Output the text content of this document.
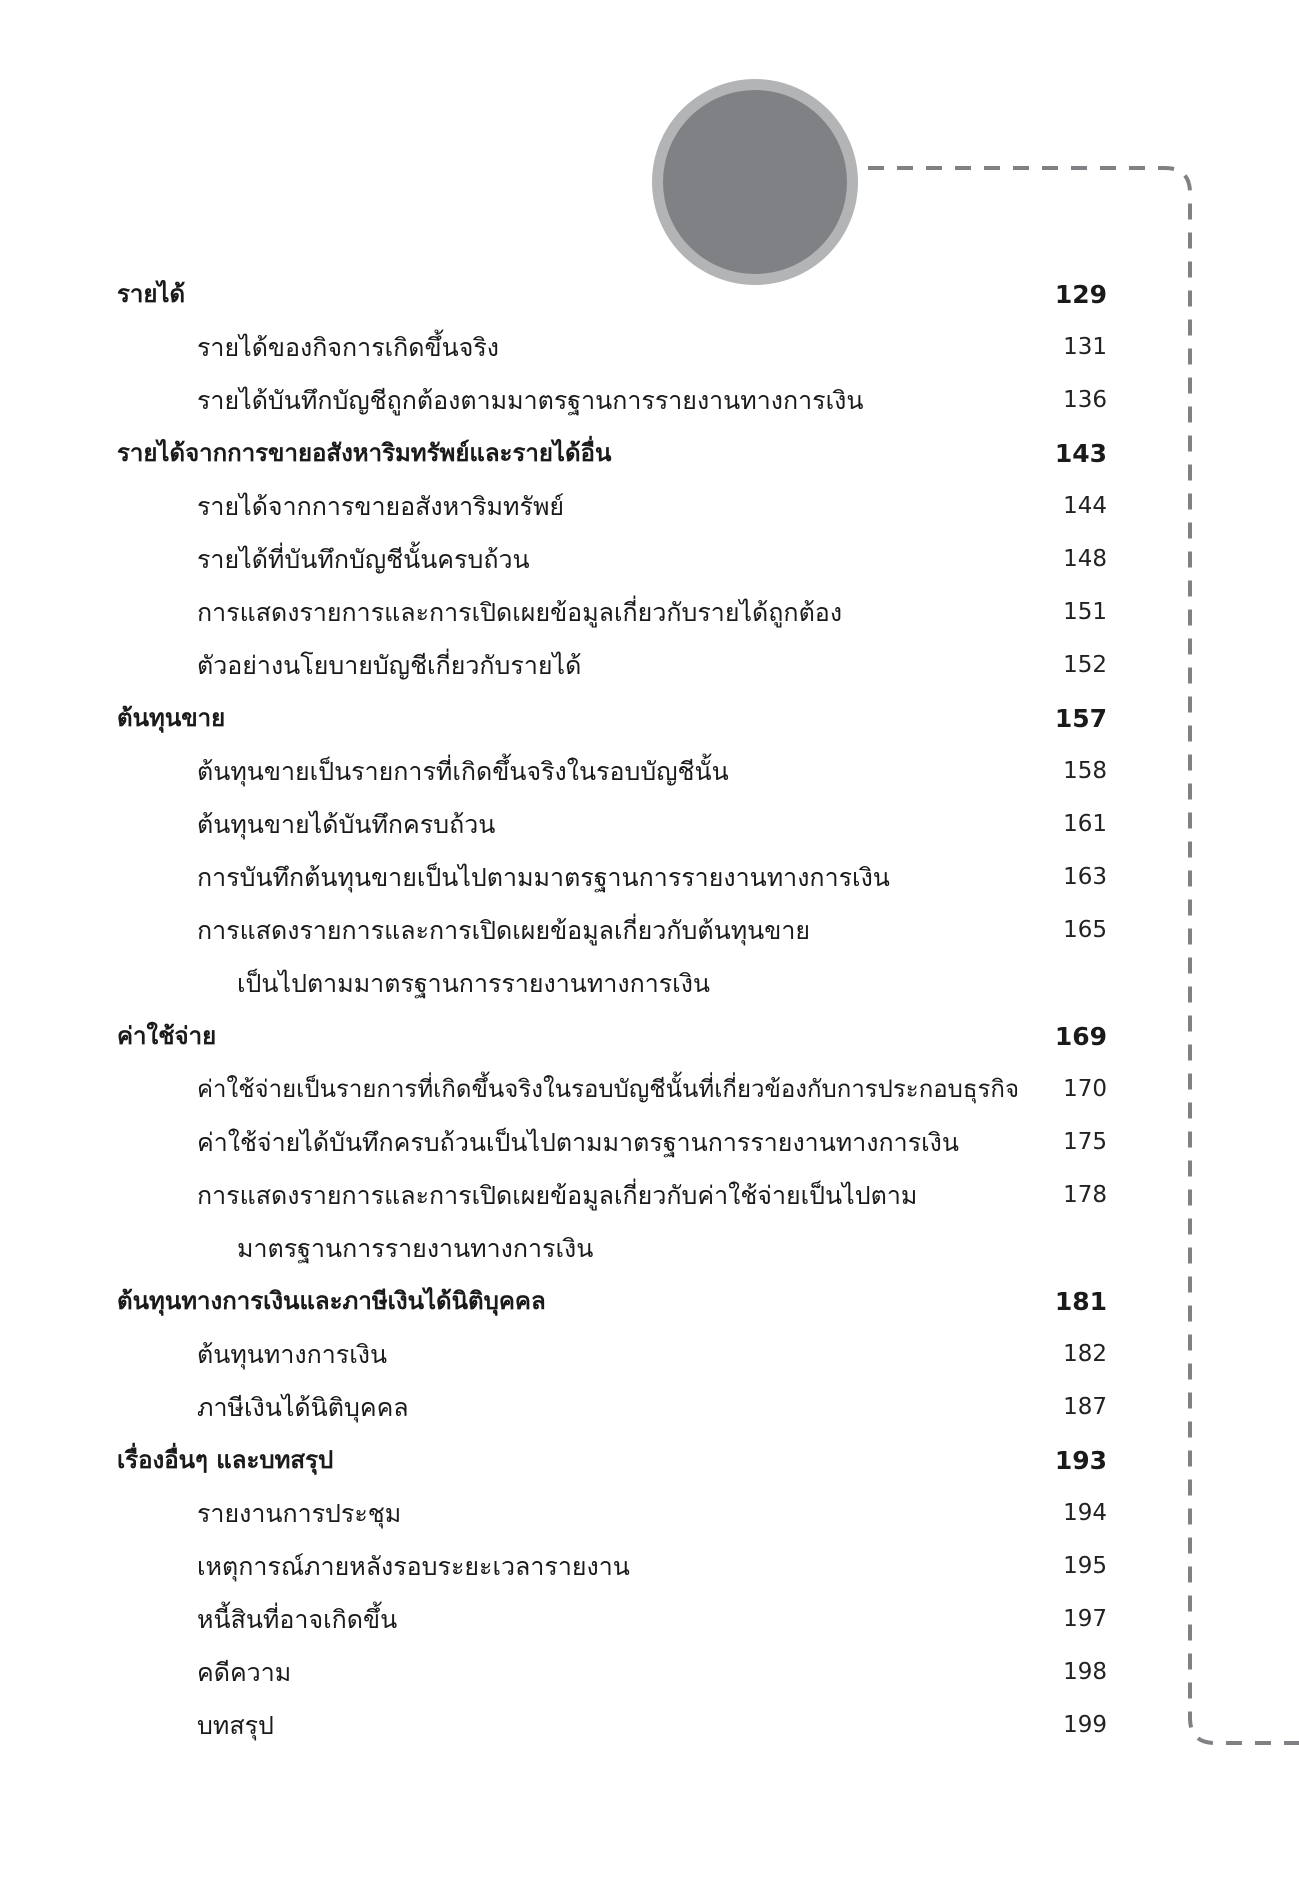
รายได้	129
รายได้ของกิจการเกิดขึ้นจริง	131
รายได้บันทึกบัญชีถูกต้องตามมาตรฐานการรายงานทางการเงิน	136
รายได้จากการขายอสังหาริมทรัพย์และรายได้อื่น	143
รายได้จากการขายอสังหาริมทรัพย์	144
รายได้ที่บันทึกบัญชีนั้นครบถ้วน	148
การแสดงรายการและการเปิดเผยข้อมูลเกี่ยวกับรายได้ถูกต้อง	151
ตัวอย่างนโยบายบัญชีเกี่ยวกับรายได้	152
ต้นทุนขาย	157
ต้นทุนขายเป็นรายการที่เกิดขึ้นจริงในรอบบัญชีนั้น	158
ต้นทุนขายได้บันทึกครบถ้วน	161
การบันทึกต้นทุนขายเป็นไปตามมาตรฐานการรายงานทางการเงิน	163
การแสดงรายการและการเปิดเผยข้อมูลเกี่ยวกับต้นทุนขาย	165
เป็นไปตามมาตรฐานการรายงานทางการเงิน
ค่าใช้จ่าย	169
ค่าใช้จ่ายเป็นรายการที่เกิดขึ้นจริงในรอบบัญชีนั้นที่เกี่ยวข้องกับการประกอบธุรกิจ 170
ค่าใช้จ่ายได้บันทึกครบถ้วนเป็นไปตามมาตรฐานการรายงานทางการเงิน	175
การแสดงรายการและการเปิดเผยข้อมูลเกี่ยวกับค่าใช้จ่ายเป็นไปตาม	178
มาตรฐานการรายงานทางการเงิน
ต้นทุนทางการเงินและภาษีเงินได้นิติบุคคล	181
ต้นทุนทางการเงิน	182
ภาษีเงินได้นิติบุคคล	187
เรื่องอื่นๆ และบทสรุป	193
รายงานการประชุม	194
เหตุการณ์ภายหลังรอบระยะเวลารายงาน	195
หนี้สินที่อาจเกิดขึ้น	197
คดีความ	198
บทสรุป	199
